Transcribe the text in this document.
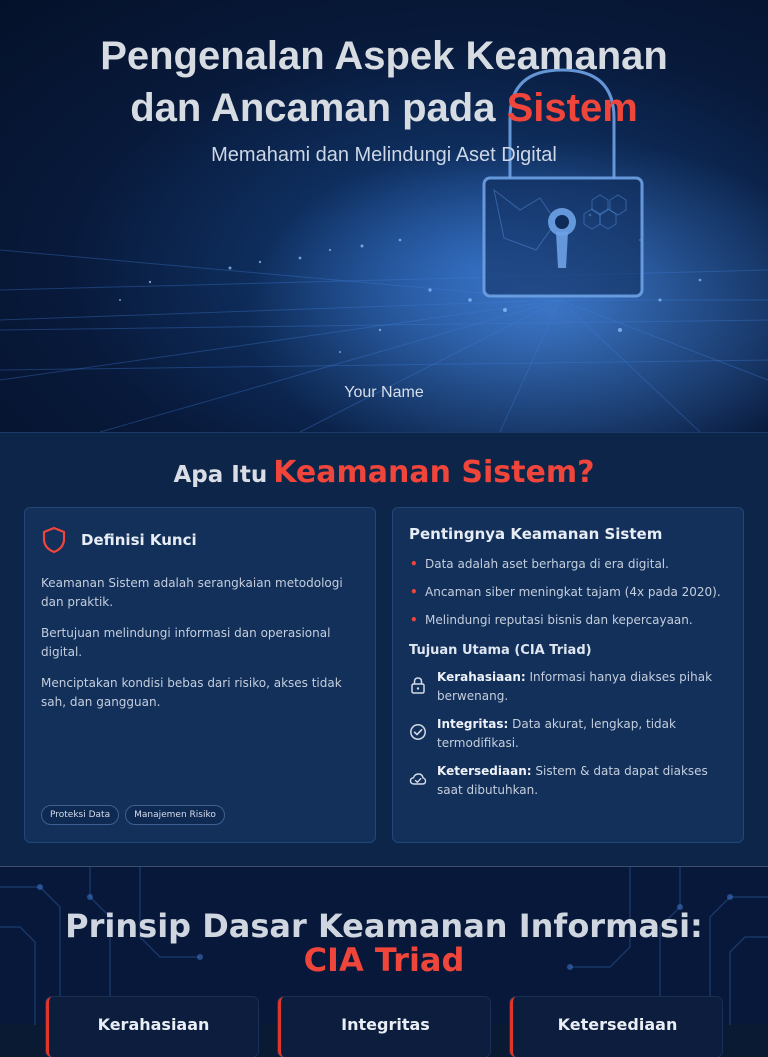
Pengenalan Aspek Keamanan
dan Ancaman pada Sistem
Memahami dan Melindungi Aset Digital
Your Name
Apa Itu Keamanan Sistem?
Definisi Kunci

Keamanan Sistem adalah serangkaian metodologi dan praktik.

Bertujuan melindungi informasi dan operasional digital.

Menciptakan kondisi bebas dari risiko, akses tidak sah, dan gangguan.

Proteksi Data	Manajemen Risiko
Pentingnya Keamanan Sistem
• Data adalah aset berharga di era digital.
• Ancaman siber meningkat tajam (4x pada 2020).
• Melindungi reputasi bisnis dan kepercayaan.
Tujuan Utama (CIA Triad)
Kerahasiaan: Informasi hanya diakses pihak berwenang.
Integritas: Data akurat, lengkap, tidak termodifikasi.
Ketersediaan: Sistem & data dapat diakses saat dibutuhkan.
Prinsip Dasar Keamanan Informasi:
CIA Triad
Kerahasiaan	Integritas	Ketersediaan
